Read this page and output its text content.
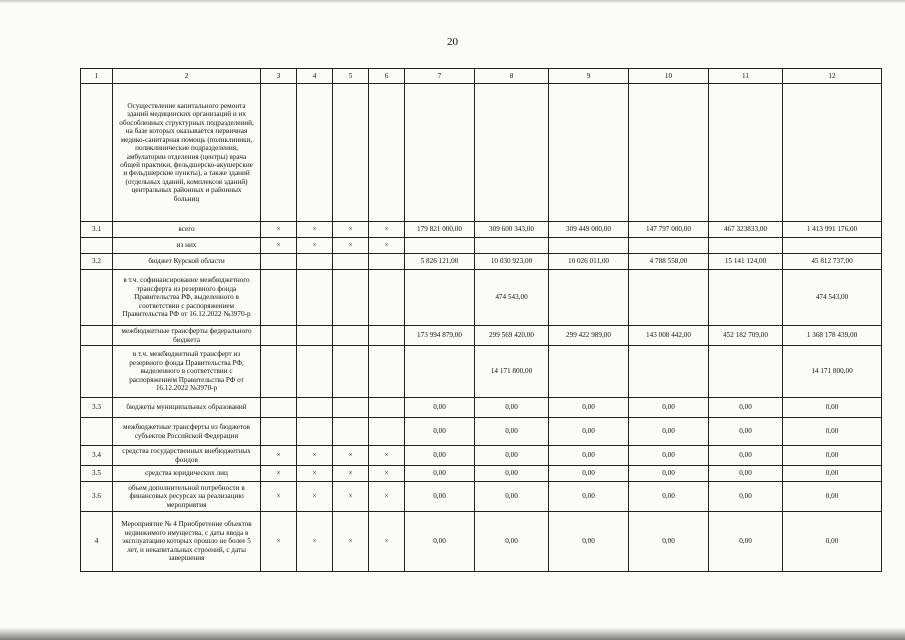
20
1	2	3	4	5	6	7	8	9	10	11	12
	Осуществление капитального ремонта зданий медицинских организаций и их обособленных структурных подразделений, на базе которых оказывается первичная медико-санитарная помощь (поликлиники, поликлинические подразделения, амбулатории отделения (центры) врача общей практики, фельдшерско-акушерские и фельдшерские пункты), а также зданий (отдельных зданий, комплексов зданий) центральных районных и районных больниц										
3.1	всего	×	×	×	×	179 821 000,00	309 600 343,00	309 449 000,00	147 797 000,00	467 323833,00	1 413 991 176,00
	из них	×	×	×	×						
3.2	бюджет Курской области					5 826 121,00	10 030 923,00	10 026 011,00	4 788 558,00	15 141 124,00	45 812 737,00
	в т.ч. софинансирование межбюджетного трансферта из резервного фонда Правительства РФ, выделенного в соответствии с распоряжением Правительства РФ от 16.12.2022 №3970-р						474 543,00				474 543,00
	межбюджетные трансферты федерального бюджета					173 994 879,00	299 569 420,00	299 422 989,00	143 008 442,00	452 182 709,00	1 368 178 439,00
	в т.ч. межбюджетный трансферт из резервного фонда Правительства РФ, выделенного в соответствии с распоряжением Правительства РФ от 16.12.2022 №3970-р						14 171 800,00				14 171 800,00
3.3	бюджеты муниципальных образований					0,00	0,00	0,00	0,00	0,00	0,00
	межбюджетные трансферты из бюджетов субъектов Российской Федерации					0,00	0,00	0,00	0,00	0,00	0,00
3.4	средства государственных внебюджетных фондов	×	×	×	×	0,00	0,00	0,00	0,00	0,00	0,00
3.5	средства юридических лиц	×	×	×	×	0,00	0,00	0,00	0,00	0,00	0,00
3.6	объем дополнительной потребности в финансовых ресурсах на реализацию мероприятия	×	×	×	×	0,00	0,00	0,00	0,00	0,00	0,00
4	Мероприятие № 4 Приобретение объектов недвижимого имущества, с даты ввода в эксплуатацию которых прошло не более 5 лет, и некапитальных строений, с даты завершения	×	×	×	×	0,00	0,00	0,00	0,00	0,00	0,00
